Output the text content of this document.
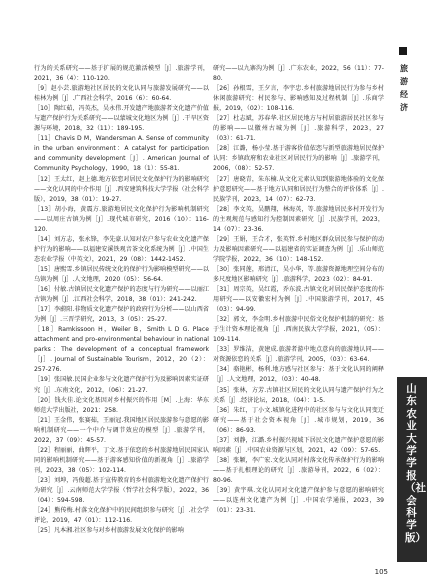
行为的关系研究——基于扩展的规范激活模型［J］.旅游学刊，2021，36（4）：110-120.

［9］赵小芸.旅游地社区居民的文化认同与旅游发展研究——以桂林为例［J］.广西社会科学，2016（6）：60-64.

［10］陶红茹，冯英杰，吴永伟.开发遗产地旅游者文化遗产价值与遗产保护行为关系研究——以蒙城文化地区为例［J］.干旱区资源与环境，2018，32（11）：189-195.

［11］Chavis D M，Wandersman A. Sense of community in the urban environment：A catalyst for participation and community development［J］. American Journal of Community Psychology，1990，18（1）：55-81.

［12］王太红，赵上德.地方依恋对居民文化保护行为的影响研究——文化认同的中介作用［J］.西安建筑科技大学学报（社会科学版），2019，38（01）：19-27.

［13］胡小海，黄震方.旅游地居民文化保护行为影响机制研究——以周庄古镇为例［J］.现代城市研究，2016（10）：116-120.

［14］刘方志，张永锋，李先豪.认知对农户参与农业文化遗产保护行为的影响——以福建安溪铁观音茶文化系统为例［J］.中国生态农业学报（中英文），2021，29（08）：1442-1452.

［15］唐熙雪.乡镇居民传统文化的保护行为影响模型研究——以乌镇为例［J］.人文地理，2020（05）：56-64.

［16］付敏.古镇居民文化遗产保护的态度与行为研究——以丽江古镇为例［J］.江西社会科学，2018，38（01）：241-242.

［17］李蔚阳.非物质文化遗产保护的政府行为分析——以山西省为例［J］.三晋学研究，2013，3（05）：25-27.

［18］Ramkissoon H，Weiler B，Smith L D G. Place attachment and pro-environmental behaviour in national parks：The development of a conceptual framework［J］. Journal of Sustainable Tourism，2012，20（2）：257-276.

［19］张国敏.民国企业参与文化遗产保护行为及影响因素实证研究［J］.东南文化，2012，（06）：21-27.

［20］钱火佳.论文化基因对乡村振兴的作用［M］.上海：华东师范大学出版社，2021：258.

［21］王金伟，张赛茹，王丽冠.我国地区居民旅游参与意愿的影响机制研究——一个中介与调节效应的模型［J］.旅游学刊，2022，37（09）：45-57.

［22］程丽丽，曲辉平，丁文.基于依恋的乡村旅游地居民国家认同的影响机制研究——基于游客感知价值的新视角［J］.旅游学刊，2023，38（05）：102-114.

［23］刘坤，冯俊超.基于宣传教育的乡村旅游地文化遗产保护行为研究［J］.云南师范大学学报（哲学社会科学版），2022，36（04）：594-598.

［24］熊传梅.村落文化保护中的民间组织参与研究［J］.社会学评论，2019，47（01）：112-116.

［25］凡本湘.社区参与对乡村旅游发展文化保护的影响

研究——以九寨沟为例［J］.广东农业，2022，56（11）：77-80.

［26］孙根雪，王夕言，李宇忠.乡村旅游地居民行为参与乡村休闲旅游研究：村民参与、影响感知及过程机制［J］.乐商学报，2019，（02）：108-116.

［27］杜志斌，苏春华.社区居民地方与村居旅游居民社区参与的影响——以徽州古城为例［J］.旅游科学，2023，27（03）：61-71.

［28］江潞，杨小莹.基于游客价值依恋与新型旅游地居民保护认同：乡镇政府和农业社区对居民行为的影响［J］.旅游学刊，2006，（08）：52-57.

［27］唐晓青，朱东楠.从文化元素认知到旅游地体验的文化保护意愿研究——基于地方认同和居民行为整合的评价体系［J］.民族学刊，2023，14（07）：62-73.

［28］李文英，吴鹏翔，林海英，等.旅游地居民多村开发行为的主观规范与感知行为控制因素研究［J］.民族学刊，2023，14（07）：23-36.

［29］王娟，王合才，张英哲.乡村地区群众居民参与保护的动力及影响因素研究——以福建省的实证调查为例［J］.乐山师范学院学报，2022，36（10）：148-152.

［30］张同莲，邢清江，吴小华，等.旅游资源地理空间分布的多尺度地区影响研究［J］.旅游科学，2023（02）：84-91.

［31］周宗英，吴红霞，乔东波.古镇文化对居民保护态度的作用研究——以安徽宏村为例［J］.中国旅游学刊，2017，45（03）：94-99.

［32］郭文，李金明.乡村旅游中民俗文化保护机制的研究：基于生计资本理论视角［J］.西南民族大学学报，2021，（05）：109-114.

［33］罗维洁，黄建成.旅游者游中地点意向的旅游地认同——对资源依恋的关系［J］.旅游学刊，2005，（03）：63-64.

［34］骆艳彬，杨利.地方感与社区参与：基于文化认同的阐释［J］.人文地理，2012，（03）：40-48.

［35］张林，方芳.古镇社区居民的文化认同与遗产保护行为之关系［J］.经济论坛，2018，（04）：1-5.

［36］朱红，丁小文.城镇化进程中的社区参与与文化认同变迁研究——基于社会资本视角［J］.城市规划，2019，36（06）：86-93.

［37］刘静，江潞.乡村振兴视域下居民文化遗产保护意愿的影响因素［J］.中国农业资源与区划，2021，42（09）：57-65.

［38］张颖，李广宏.文化认同对村落文化传承保护行为的影响——基于扎根理论的研究［J］.旅游导刊，2022，6（02）：80-96.

［39］黄宇琪.文化认同对文化遗产保护参与意愿的影响研究——以连州文化遗产为例［J］.中国农学通报，2023，39（01）：23-31.

旅游经济
山东农业大学学报（社会科学版）
105
